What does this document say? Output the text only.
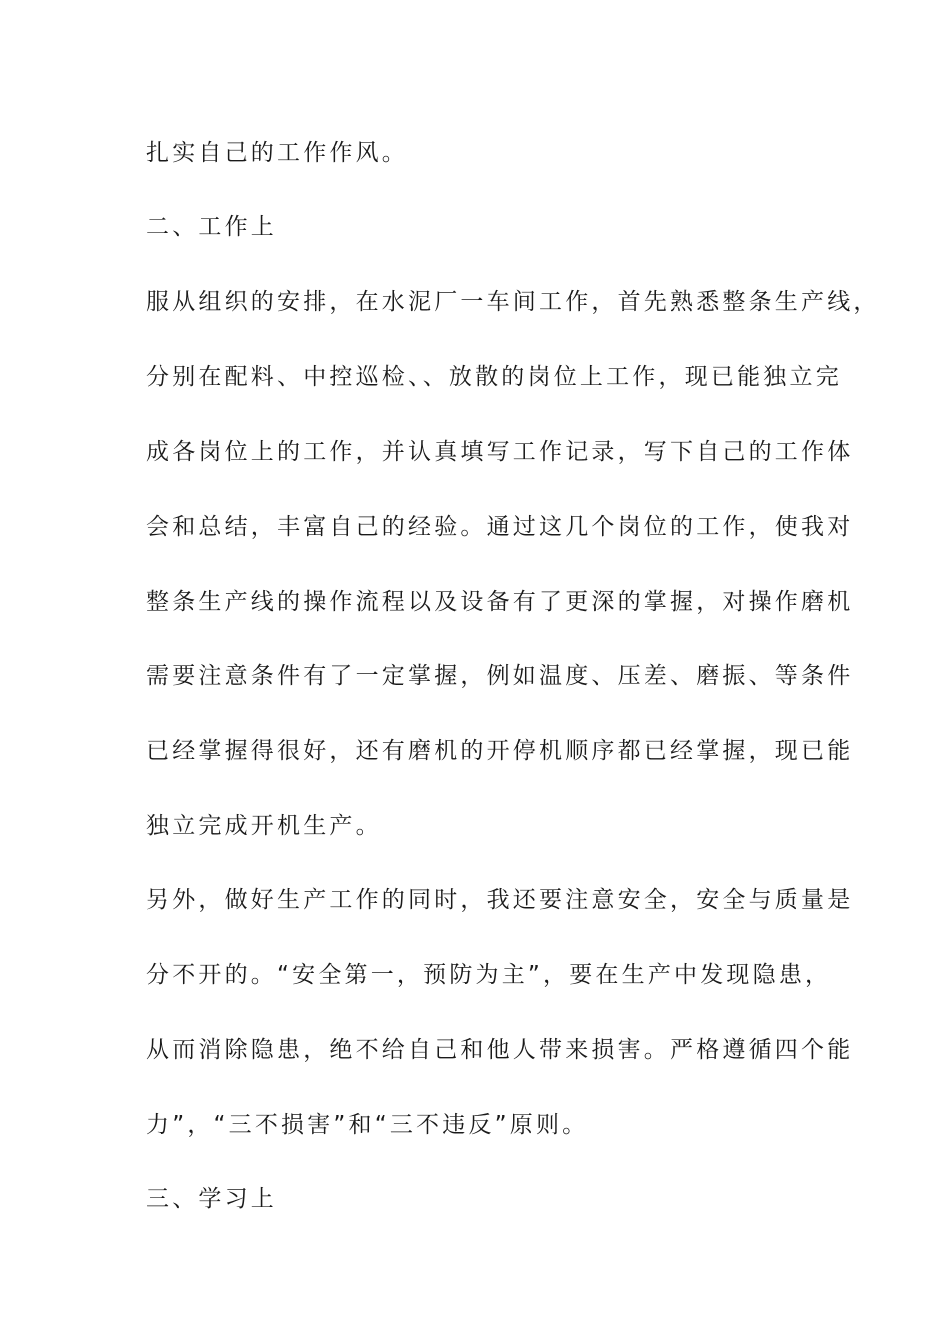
扎实自己的工作作风。
二、工作上
服从组织的安排，在水泥厂一车间工作，首先熟悉整条生产线，
分别在配料、中控巡检、、放散的岗位上工作，现已能独立完
成各岗位上的工作，并认真填写工作记录，写下自己的工作体
会和总结，丰富自己的经验。通过这几个岗位的工作，使我对
整条生产线的操作流程以及设备有了更深的掌握，对操作磨机
需要注意条件有了一定掌握，例如温度、压差、磨振、等条件
已经掌握得很好，还有磨机的开停机顺序都已经掌握，现已能
独立完成开机生产。
另外，做好生产工作的同时，我还要注意安全，安全与质量是
分不开的。“安全第一，预防为主”，要在生产中发现隐患，
从而消除隐患，绝不给自己和他人带来损害。严格遵循四个能
力”，“三不损害”和“三不违反”原则。
三、学习上
